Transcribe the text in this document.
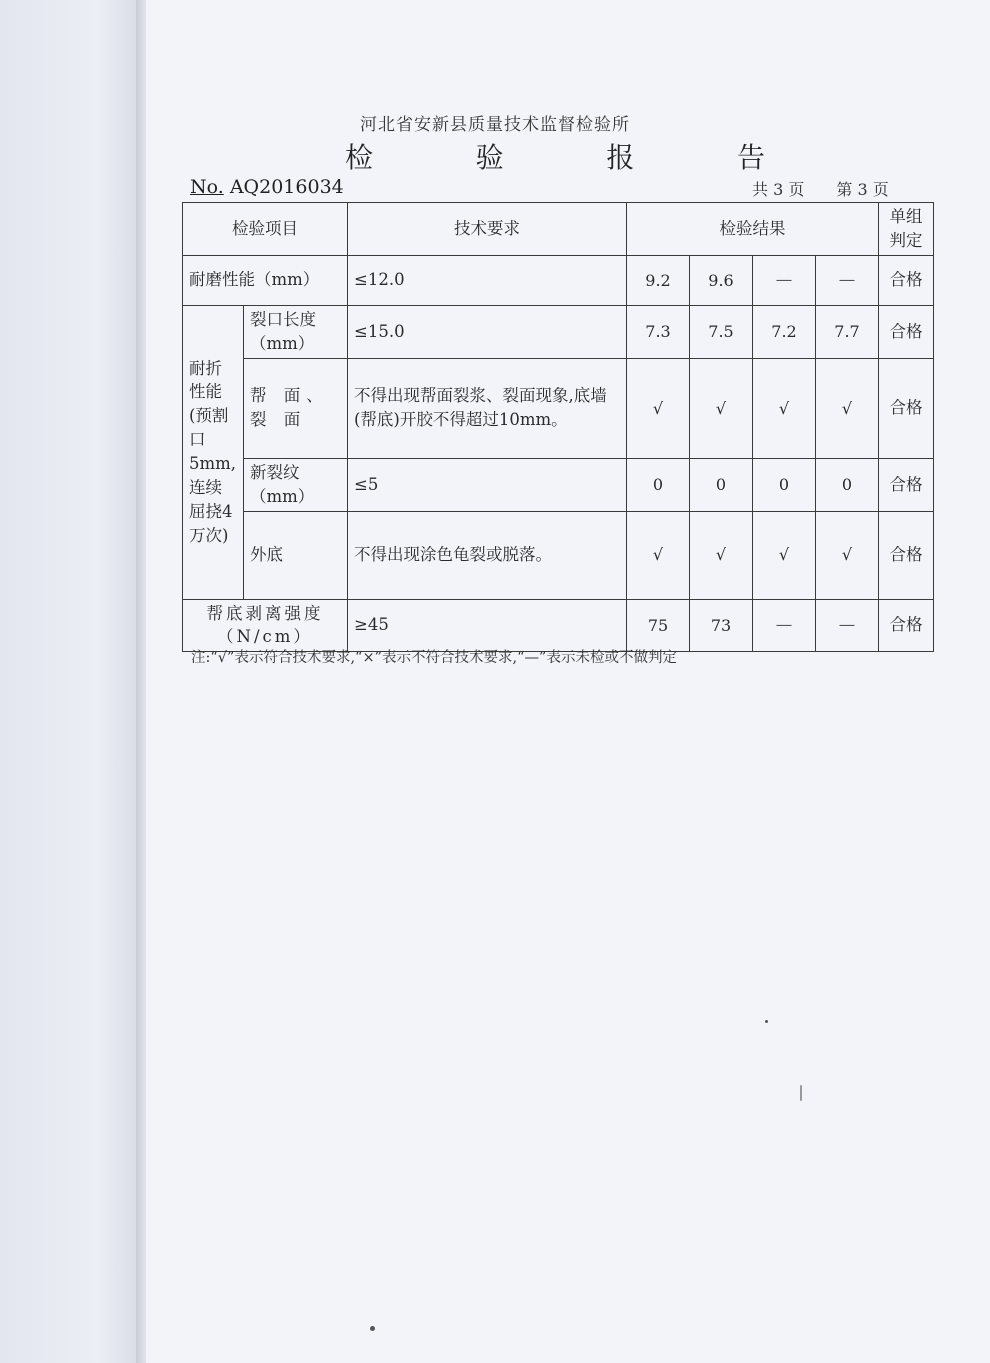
河北省安新县质量技术监督检验所
检	验	报	告
No. AQ2016034	共 3 页 第 3 页
检验项目		技术要求	检验结果				单组判定
耐磨性能（mm）		≤12.0	9.2	9.6	—	—	合格
耐折性能(预割口5mm,连续屈挠4万次)	裂口长度（mm）	≤15.0	7.3	7.5	7.2	7.7	合格
	帮 面、裂 面	不得出现帮面裂浆、裂面现象,底墙(帮底)开胶不得超过10mm。	√	√	√	√	合格
	新裂纹（mm）	≤5	0	0	0	0	合格
	外底	不得出现涂色龟裂或脱落。	√	√	√	√	合格
帮底剥离强度（N/cm）		≥45	75	73	—	—	合格
注:“√”表示符合技术要求,“×”表示不符合技术要求,“—”表示未检或不做判定
